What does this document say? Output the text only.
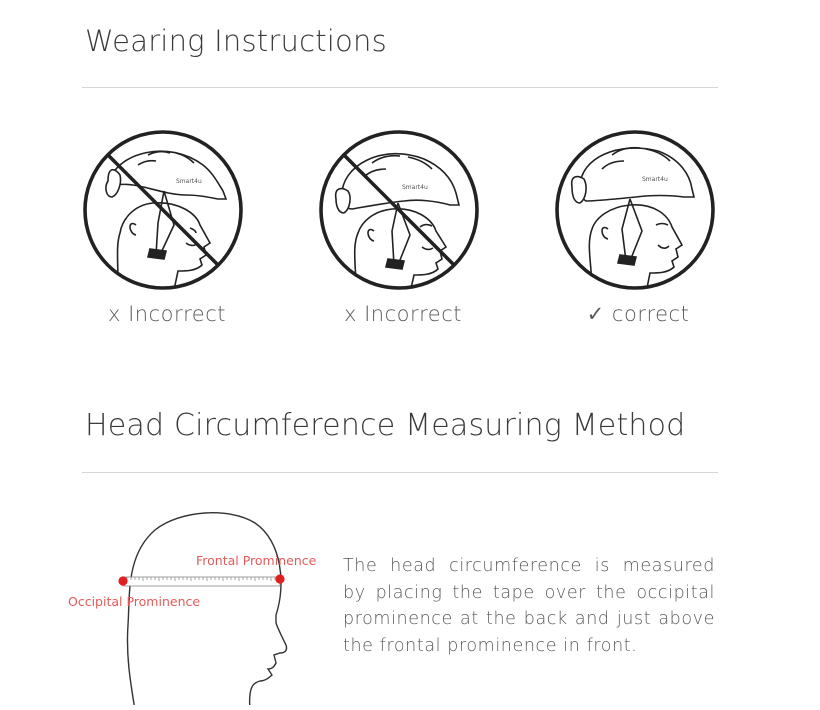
Wearing Instructions
Smart4u
x Incorrect
Smart4u
x Incorrect
Smart4u
✓ correct
Head Circumference Measuring Method
Frontal Prominence
Occipital Prominence
The head circumference is measured by placing the tape over the occipital prominence at the back and just above the frontal prominence in front.
